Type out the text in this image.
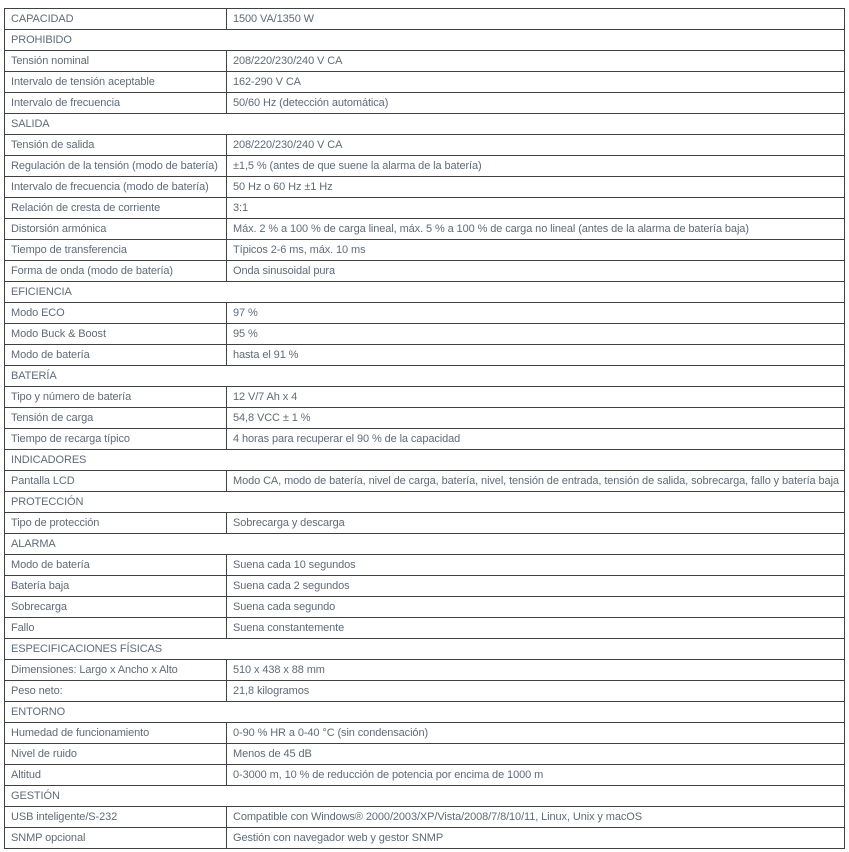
CAPACIDAD	1500 VA/1350 W
PROHIBIDO	
Tensión nominal	208/220/230/240 V CA
Intervalo de tensión aceptable	162-290 V CA
Intervalo de frecuencia	50/60 Hz (detección automática)
SALIDA	
Tensión de salida	208/220/230/240 V CA
Regulación de la tensión (modo de batería)	±1,5 % (antes de que suene la alarma de la batería)
Intervalo de frecuencia (modo de batería)	50 Hz o 60 Hz ±1 Hz
Relación de cresta de corriente	3:1
Distorsión armónica	Máx. 2 % a 100 % de carga lineal, máx. 5 % a 100 % de carga no lineal (antes de la alarma de batería baja)
Tiempo de transferencia	Típicos 2-6 ms, máx. 10 ms
Forma de onda (modo de batería)	Onda sinusoidal pura
EFICIENCIA	
Modo ECO	97 %
Modo Buck & Boost	95 %
Modo de batería	hasta el 91 %
BATERÍA	
Tipo y número de batería	12 V/7 Ah x 4
Tensión de carga	54,8 VCC ± 1 %
Tiempo de recarga típico	4 horas para recuperar el 90 % de la capacidad
INDICADORES	
Pantalla LCD	Modo CA, modo de batería, nivel de carga, batería, nivel, tensión de entrada, tensión de salida, sobrecarga, fallo y batería baja
PROTECCIÓN	
Tipo de protección	Sobrecarga y descarga
ALARMA	
Modo de batería	Suena cada 10 segundos
Batería baja	Suena cada 2 segundos
Sobrecarga	Suena cada segundo
Fallo	Suena constantemente
ESPECIFICACIONES FÍSICAS	
Dimensiones: Largo x Ancho x Alto	510 x 438 x 88 mm
Peso neto:	21,8 kilogramos
ENTORNO	
Humedad de funcionamiento	0-90 % HR a 0-40 °C (sin condensación)
Nivel de ruido	Menos de 45 dB
Altitud	0-3000 m, 10 % de reducción de potencia por encima de 1000 m
GESTIÓN	
USB inteligente/S-232	Compatible con Windows® 2000/2003/XP/Vista/2008/7/8/10/11, Linux, Unix y macOS
SNMP opcional	Gestión con navegador web y gestor SNMP
